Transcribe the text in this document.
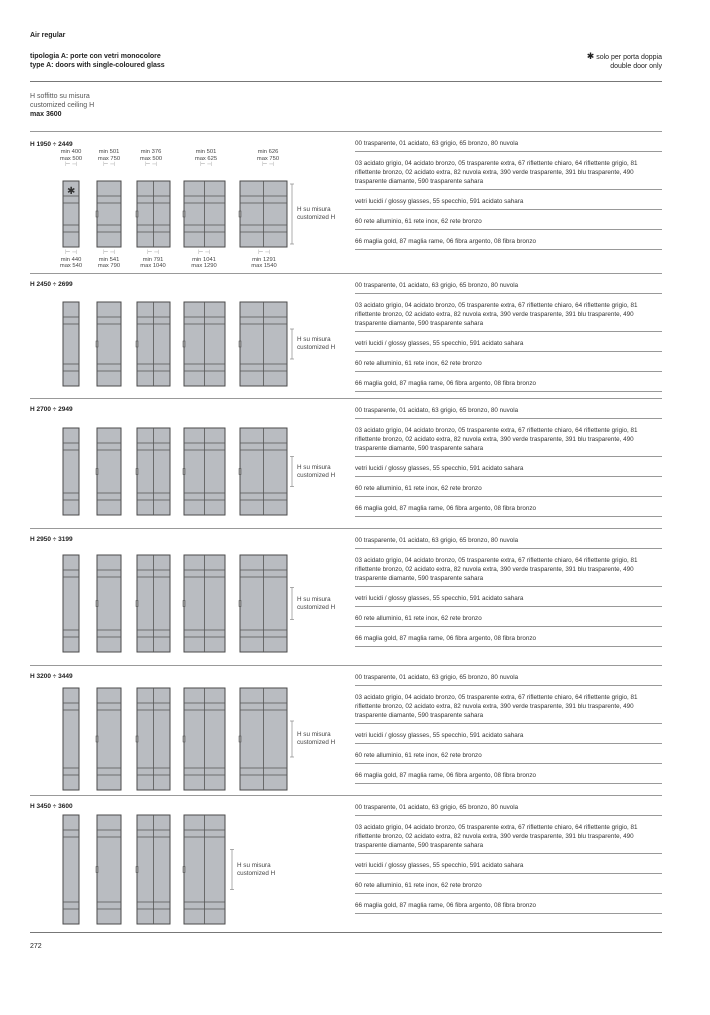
Air regular
tipologia A: porte con vetri monocolore
type A: doors with single-coloured glass
✱ solo per porta doppia
double door only
H soffitto su misura
customized ceiling H
max 3600
H 1950 ÷ 2449	00 trasparente, 01 acidato, 63 grigio, 65 bronzo, 80 nuvola
03 acidato grigio, 04 acidato bronzo, 05 trasparente extra, 67 riflettente chiaro, 64 riflettente grigio, 81 riflettente bronzo, 02 acidato extra, 82 nuvola extra, 390 verde trasparente, 391 blu trasparente, 490 trasparente diamante, 590 trasparente sahara
vetri lucidi / glossy glasses, 55 specchio, 591 acidato sahara
60 rete alluminio, 61 rete inox, 62 rete bronzo
66 maglia gold, 87 maglia rame, 06 fibra argento, 08 fibra bronzo
H su misura
customized H
min 400
max 500
⊢ ⊣
min 501
max 750
⊢ ⊣
min 376
max 500
⊢ ⊣
min 501
max 625
⊢ ⊣
min 626
max 750
⊢ ⊣
⊢ ⊣
min 440
max 540
⊢ ⊣
min 541
max 790
⊢ ⊣
min 791
max 1040
⊢ ⊣
min 1041
max 1290
⊢ ⊣
min 1291
max 1540
✱
H 2450 ÷ 2699	00 trasparente, 01 acidato, 63 grigio, 65 bronzo, 80 nuvola
03 acidato grigio, 04 acidato bronzo, 05 trasparente extra, 67 riflettente chiaro, 64 riflettente grigio, 81 riflettente bronzo, 02 acidato extra, 82 nuvola extra, 390 verde trasparente, 391 blu trasparente, 490 trasparente diamante, 590 trasparente sahara
vetri lucidi / glossy glasses, 55 specchio, 591 acidato sahara
60 rete alluminio, 61 rete inox, 62 rete bronzo
66 maglia gold, 87 maglia rame, 06 fibra argento, 08 fibra bronzo
H su misura
customized H
H 2700 ÷ 2949	00 trasparente, 01 acidato, 63 grigio, 65 bronzo, 80 nuvola
03 acidato grigio, 04 acidato bronzo, 05 trasparente extra, 67 riflettente chiaro, 64 riflettente grigio, 81 riflettente bronzo, 02 acidato extra, 82 nuvola extra, 390 verde trasparente, 391 blu trasparente, 490 trasparente diamante, 590 trasparente sahara
vetri lucidi / glossy glasses, 55 specchio, 591 acidato sahara
60 rete alluminio, 61 rete inox, 62 rete bronzo
66 maglia gold, 87 maglia rame, 06 fibra argento, 08 fibra bronzo
H su misura
customized H
H 2950 ÷ 3199	00 trasparente, 01 acidato, 63 grigio, 65 bronzo, 80 nuvola
03 acidato grigio, 04 acidato bronzo, 05 trasparente extra, 67 riflettente chiaro, 64 riflettente grigio, 81 riflettente bronzo, 02 acidato extra, 82 nuvola extra, 390 verde trasparente, 391 blu trasparente, 490 trasparente diamante, 590 trasparente sahara
vetri lucidi / glossy glasses, 55 specchio, 591 acidato sahara
60 rete alluminio, 61 rete inox, 62 rete bronzo
66 maglia gold, 87 maglia rame, 06 fibra argento, 08 fibra bronzo
H su misura
customized H
H 3200 ÷ 3449	00 trasparente, 01 acidato, 63 grigio, 65 bronzo, 80 nuvola
03 acidato grigio, 04 acidato bronzo, 05 trasparente extra, 67 riflettente chiaro, 64 riflettente grigio, 81 riflettente bronzo, 02 acidato extra, 82 nuvola extra, 390 verde trasparente, 391 blu trasparente, 490 trasparente diamante, 590 trasparente sahara
vetri lucidi / glossy glasses, 55 specchio, 591 acidato sahara
60 rete alluminio, 61 rete inox, 62 rete bronzo
66 maglia gold, 87 maglia rame, 06 fibra argento, 08 fibra bronzo
H su misura
customized H
H 3450 ÷ 3600	00 trasparente, 01 acidato, 63 grigio, 65 bronzo, 80 nuvola
03 acidato grigio, 04 acidato bronzo, 05 trasparente extra, 67 riflettente chiaro, 64 riflettente grigio, 81 riflettente bronzo, 02 acidato extra, 82 nuvola extra, 390 verde trasparente, 391 blu trasparente, 490 trasparente diamante, 590 trasparente sahara
vetri lucidi / glossy glasses, 55 specchio, 591 acidato sahara
60 rete alluminio, 61 rete inox, 62 rete bronzo
66 maglia gold, 87 maglia rame, 06 fibra argento, 08 fibra bronzo
H su misura
customized H
272
